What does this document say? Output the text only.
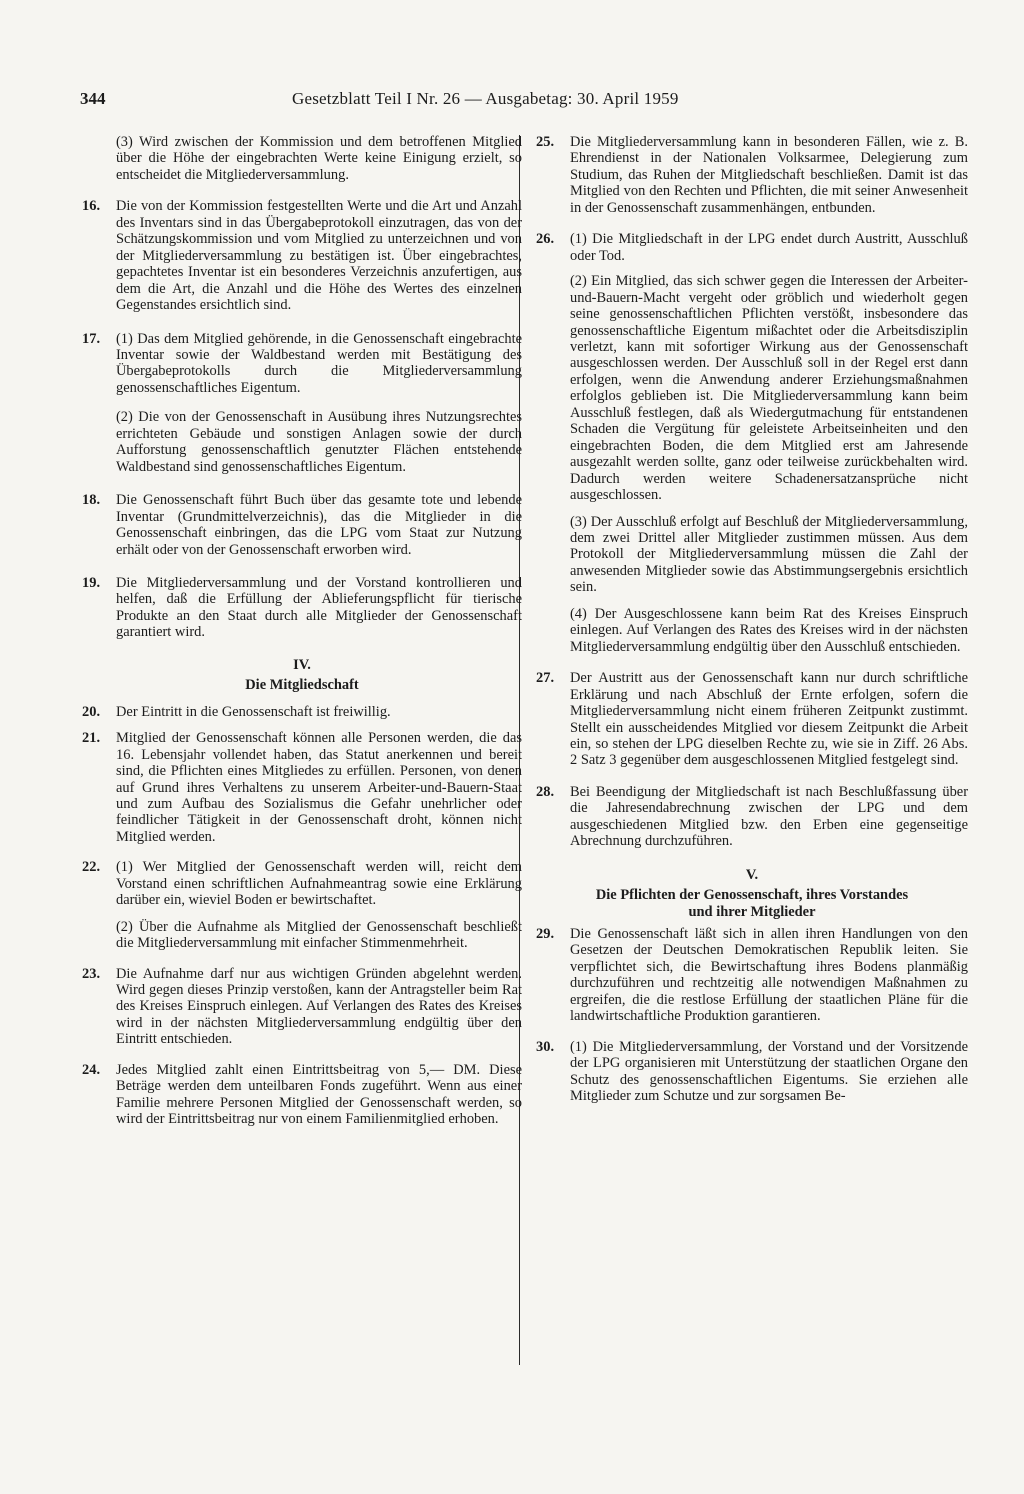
344	Gesetzblatt Teil I Nr. 26 — Ausgabetag: 30. April 1959

(3) Wird zwischen der Kommission und dem betroffenen Mitglied über die Höhe der eingebrachten Werte keine Einigung erzielt, so entscheidet die Mitgliederversammlung.

16. Die von der Kommission festgestellten Werte und die Art und Anzahl des Inventars sind in das Übergabeprotokoll einzutragen, das von der Schätzungskommission und vom Mitglied zu unterzeichnen und von der Mitgliederversammlung zu bestätigen ist. Über eingebrachtes, gepachtetes Inventar ist ein besonderes Verzeichnis anzufertigen, aus dem die Art, die Anzahl und die Höhe des Wertes des einzelnen Gegenstandes ersichtlich sind.

17. (1) Das dem Mitglied gehörende, in die Genossenschaft eingebrachte Inventar sowie der Waldbestand werden mit Bestätigung des Übergabeprotokolls durch die Mitgliederversammlung genossenschaftliches Eigentum.

(2) Die von der Genossenschaft in Ausübung ihres Nutzungsrechtes errichteten Gebäude und sonstigen Anlagen sowie der durch Aufforstung genossenschaftlich genutzter Flächen entstehende Waldbestand sind genossenschaftliches Eigentum.

18. Die Genossenschaft führt Buch über das gesamte tote und lebende Inventar (Grundmittelverzeichnis), das die Mitglieder in die Genossenschaft einbringen, das die LPG vom Staat zur Nutzung erhält oder von der Genossenschaft erworben wird.

19. Die Mitgliederversammlung und der Vorstand kontrollieren und helfen, daß die Erfüllung der Ablieferungspflicht für tierische Produkte an den Staat durch alle Mitglieder der Genossenschaft garantiert wird.

IV.

Die Mitgliedschaft

20. Der Eintritt in die Genossenschaft ist freiwillig.

21. Mitglied der Genossenschaft können alle Personen werden, die das 16. Lebensjahr vollendet haben, das Statut anerkennen und bereit sind, die Pflichten eines Mitgliedes zu erfüllen. Personen, von denen auf Grund ihres Verhaltens zu unserem Arbeiter-und-Bauern-Staat und zum Aufbau des Sozialismus die Gefahr unehrlicher oder feindlicher Tätigkeit in der Genossenschaft droht, können nicht Mitglied werden.

22. (1) Wer Mitglied der Genossenschaft werden will, reicht dem Vorstand einen schriftlichen Aufnahmeantrag sowie eine Erklärung darüber ein, wieviel Boden er bewirtschaftet.

(2) Über die Aufnahme als Mitglied der Genossenschaft beschließt die Mitgliederversammlung mit einfacher Stimmenmehrheit.

23. Die Aufnahme darf nur aus wichtigen Gründen abgelehnt werden. Wird gegen dieses Prinzip verstoßen, kann der Antragsteller beim Rat des Kreises Einspruch einlegen. Auf Verlangen des Rates des Kreises wird in der nächsten Mitgliederversammlung endgültig über den Eintritt entschieden.

24. Jedes Mitglied zahlt einen Eintrittsbeitrag von 5,— DM. Diese Beträge werden dem unteilbaren Fonds zugeführt. Wenn aus einer Familie mehrere Personen Mitglied der Genossenschaft werden, so wird der Eintrittsbeitrag nur von einem Familienmitglied erhoben.

25. Die Mitgliederversammlung kann in besonderen Fällen, wie z. B. Ehrendienst in der Nationalen Volksarmee, Delegierung zum Studium, das Ruhen der Mitgliedschaft beschließen. Damit ist das Mitglied von den Rechten und Pflichten, die mit seiner Anwesenheit in der Genossenschaft zusammenhängen, entbunden.

26. (1) Die Mitgliedschaft in der LPG endet durch Austritt, Ausschluß oder Tod.

(2) Ein Mitglied, das sich schwer gegen die Interessen der Arbeiter-und-Bauern-Macht vergeht oder gröblich und wiederholt gegen seine genossenschaftlichen Pflichten verstößt, insbesondere das genossenschaftliche Eigentum mißachtet oder die Arbeitsdisziplin verletzt, kann mit sofortiger Wirkung aus der Genossenschaft ausgeschlossen werden. Der Ausschluß soll in der Regel erst dann erfolgen, wenn die Anwendung anderer Erziehungsmaßnahmen erfolglos geblieben ist. Die Mitgliederversammlung kann beim Ausschluß festlegen, daß als Wiedergutmachung für entstandenen Schaden die Vergütung für geleistete Arbeitseinheiten und den eingebrachten Boden, die dem Mitglied erst am Jahresende ausgezahlt werden sollte, ganz oder teilweise zurückbehalten wird. Dadurch werden weitere Schadenersatzansprüche nicht ausgeschlossen.

(3) Der Ausschluß erfolgt auf Beschluß der Mitgliederversammlung, dem zwei Drittel aller Mitglieder zustimmen müssen. Aus dem Protokoll der Mitgliederversammlung müssen die Zahl der anwesenden Mitglieder sowie das Abstimmungsergebnis ersichtlich sein.

(4) Der Ausgeschlossene kann beim Rat des Kreises Einspruch einlegen. Auf Verlangen des Rates des Kreises wird in der nächsten Mitgliederversammlung endgültig über den Ausschluß entschieden.

27. Der Austritt aus der Genossenschaft kann nur durch schriftliche Erklärung und nach Abschluß der Ernte erfolgen, sofern die Mitgliederversammlung nicht einem früheren Zeitpunkt zustimmt. Stellt ein ausscheidendes Mitglied vor diesem Zeitpunkt die Arbeit ein, so stehen der LPG dieselben Rechte zu, wie sie in Ziff. 26 Abs. 2 Satz 3 gegenüber dem ausgeschlossenen Mitglied festgelegt sind.

28. Bei Beendigung der Mitgliedschaft ist nach Beschlußfassung über die Jahresendabrechnung zwischen der LPG und dem ausgeschiedenen Mitglied bzw. den Erben eine gegenseitige Abrechnung durchzuführen.

V.

Die Pflichten der Genossenschaft, ihres Vorstandes

und ihrer Mitglieder

29. Die Genossenschaft läßt sich in allen ihren Handlungen von den Gesetzen der Deutschen Demokratischen Republik leiten. Sie verpflichtet sich, die Bewirtschaftung ihres Bodens planmäßig durchzuführen und rechtzeitig alle notwendigen Maßnahmen zu ergreifen, die die restlose Erfüllung der staatlichen Pläne für die landwirtschaftliche Produktion garantieren.

30. (1) Die Mitgliederversammlung, der Vorstand und der Vorsitzende der LPG organisieren mit Unterstützung der staatlichen Organe den Schutz des genossenschaftlichen Eigentums. Sie erziehen alle Mitglieder zum Schutze und zur sorgsamen Be-
